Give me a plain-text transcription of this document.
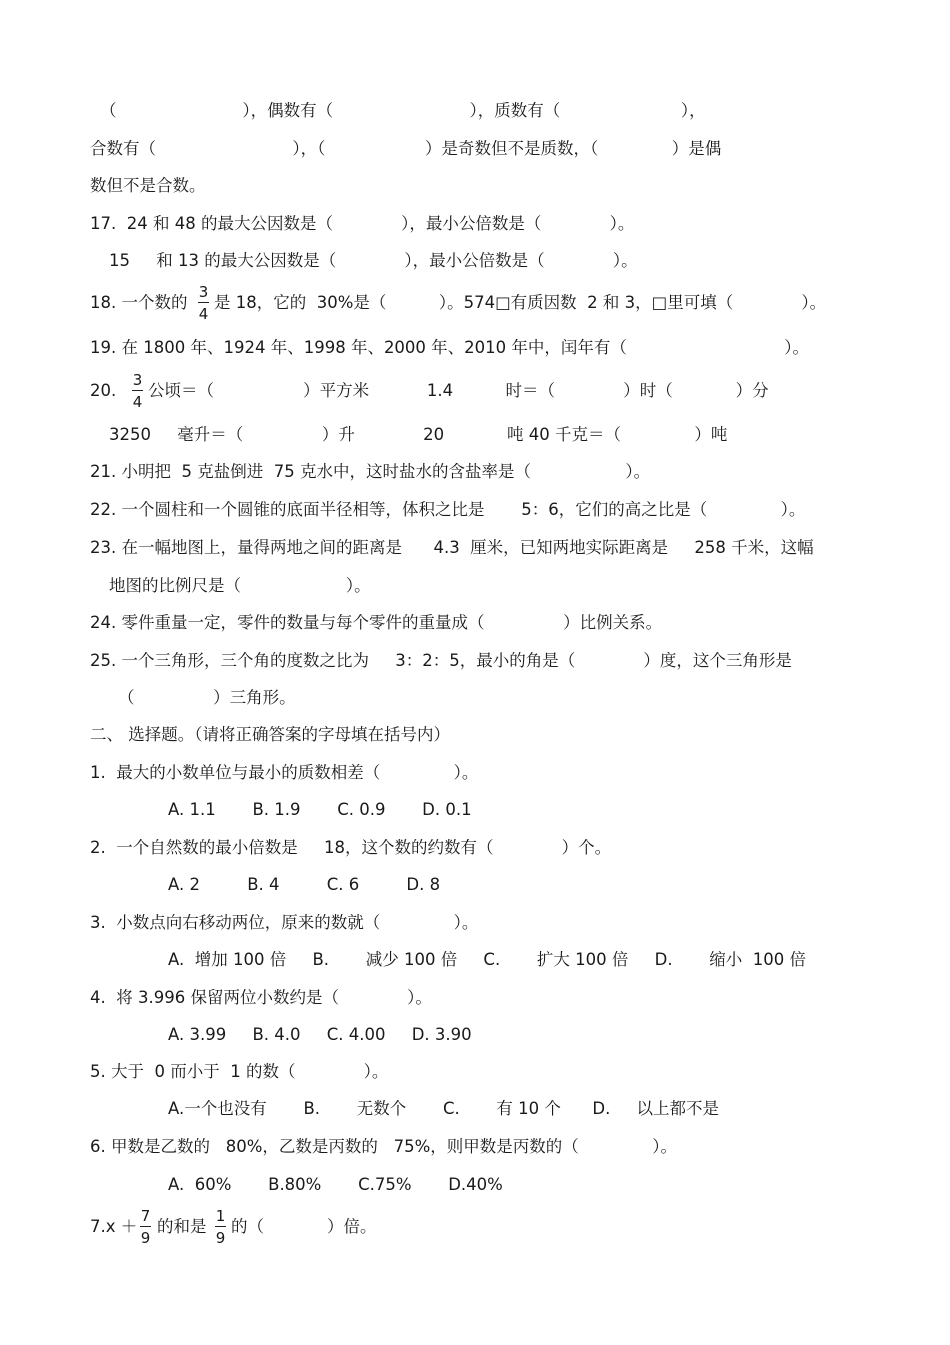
（                        ），偶数有（                          ），质数有（                       ），
合数有（                          ），（                   ）是奇数但不是质数，（              ）是偶
数但不是合数。
17.  24 和 48 的最大公因数是（             ），最小公倍数是（             ）。
15     和 13 的最大公因数是（             ），最小公倍数是（             ）。
18. 一个数的
3
4
是 18，它的  30%是（          ）。574□有质因数  2 和 3，□里可填（             ）。
19. 在 1800 年、1924 年、1998 年、2000 年、2010 年中，闰年有（                              ）。
20.
3
4
公顷＝（                 ）平方米           1.4          时＝（             ）时（            ）分
3250     毫升＝（               ）升             20            吨 40 千克＝（              ）吨
21. 小明把  5 克盐倒进  75 克水中，这时盐水的含盐率是（                  ）。
22. 一个圆柱和一个圆锥的底面半径相等，体积之比是       5：6，它们的高之比是（              ）。
23. 在一幅地图上，量得两地之间的距离是      4.3  厘米，已知两地实际距离是     258 千米，这幅
地图的比例尺是（                    ）。
24. 零件重量一定，零件的数量与每个零件的重量成（               ）比例关系。
25. 一个三角形，三个角的度数之比为     3：2：5，最小的角是（             ）度，这个三角形是
（               ）三角形。
二、 选择题。（请将正确答案的字母填在括号内）
1.  最大的小数单位与最小的质数相差（              ）。
A. 1.1       B. 1.9       C. 0.9       D. 0.1
2.  一个自然数的最小倍数是     18，这个数的约数有（             ）个。
A. 2         B. 4         C. 6         D. 8
3.  小数点向右移动两位，原来的数就（              ）。
A.  增加 100 倍     B.       减少 100 倍     C.       扩大 100 倍     D.       缩小  100 倍
4.  将 3.996 保留两位小数约是（             ）。
A. 3.99     B. 4.0     C. 4.00     D. 3.90
5. 大于  0 而小于  1 的数（             ）。
A.一个也没有       B.       无数个       C.       有 10 个      D.     以上都不是
6. 甲数是乙数的   80%，乙数是丙数的   75%，则甲数是丙数的（              ）。
A.  60%       B.80%       C.75%       D.40%
7.x ＋
7
9
的和是
1
9
的（            ）倍。
